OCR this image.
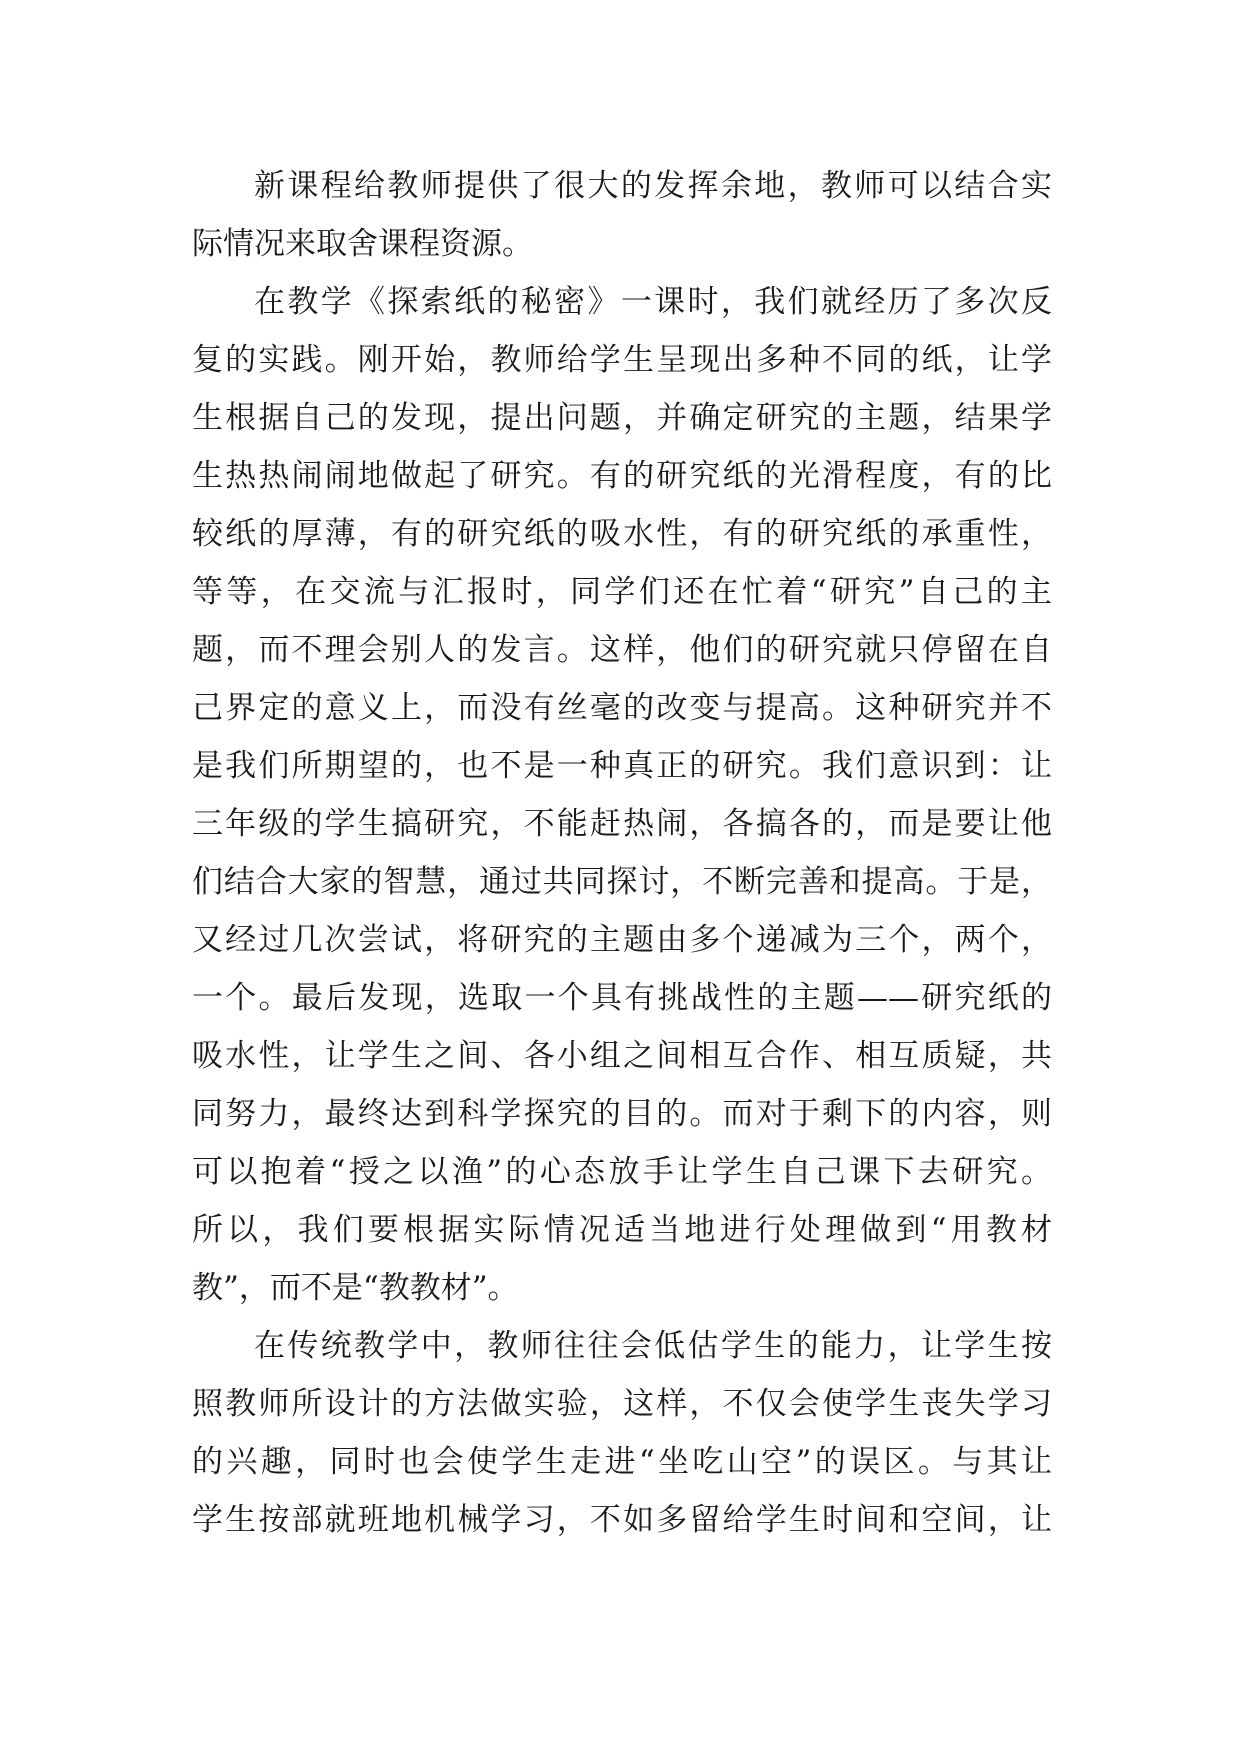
新课程给教师提供了很大的发挥余地，教师可以结合实
际情况来取舍课程资源。
在教学《探索纸的秘密》一课时，我们就经历了多次反
复的实践。刚开始，教师给学生呈现出多种不同的纸，让学
生根据自己的发现，提出问题，并确定研究的主题，结果学
生热热闹闹地做起了研究。有的研究纸的光滑程度，有的比
较纸的厚薄，有的研究纸的吸水性，有的研究纸的承重性，
等等，在交流与汇报时，同学们还在忙着“研究”自己的主
题，而不理会别人的发言。这样，他们的研究就只停留在自
己界定的意义上，而没有丝毫的改变与提高。这种研究并不
是我们所期望的，也不是一种真正的研究。我们意识到：让
三年级的学生搞研究，不能赶热闹，各搞各的，而是要让他
们结合大家的智慧，通过共同探讨，不断完善和提高。于是，
又经过几次尝试，将研究的主题由多个递减为三个，两个，
一个。最后发现，选取一个具有挑战性的主题——研究纸的
吸水性，让学生之间、各小组之间相互合作、相互质疑，共
同努力，最终达到科学探究的目的。而对于剩下的内容，则
可以抱着“授之以渔”的心态放手让学生自己课下去研究。
所以，我们要根据实际情况适当地进行处理做到“用教材
教”，而不是“教教材”。
在传统教学中，教师往往会低估学生的能力，让学生按
照教师所设计的方法做实验，这样，不仅会使学生丧失学习
的兴趣，同时也会使学生走进“坐吃山空”的误区。与其让
学生按部就班地机械学习，不如多留给学生时间和空间，让
